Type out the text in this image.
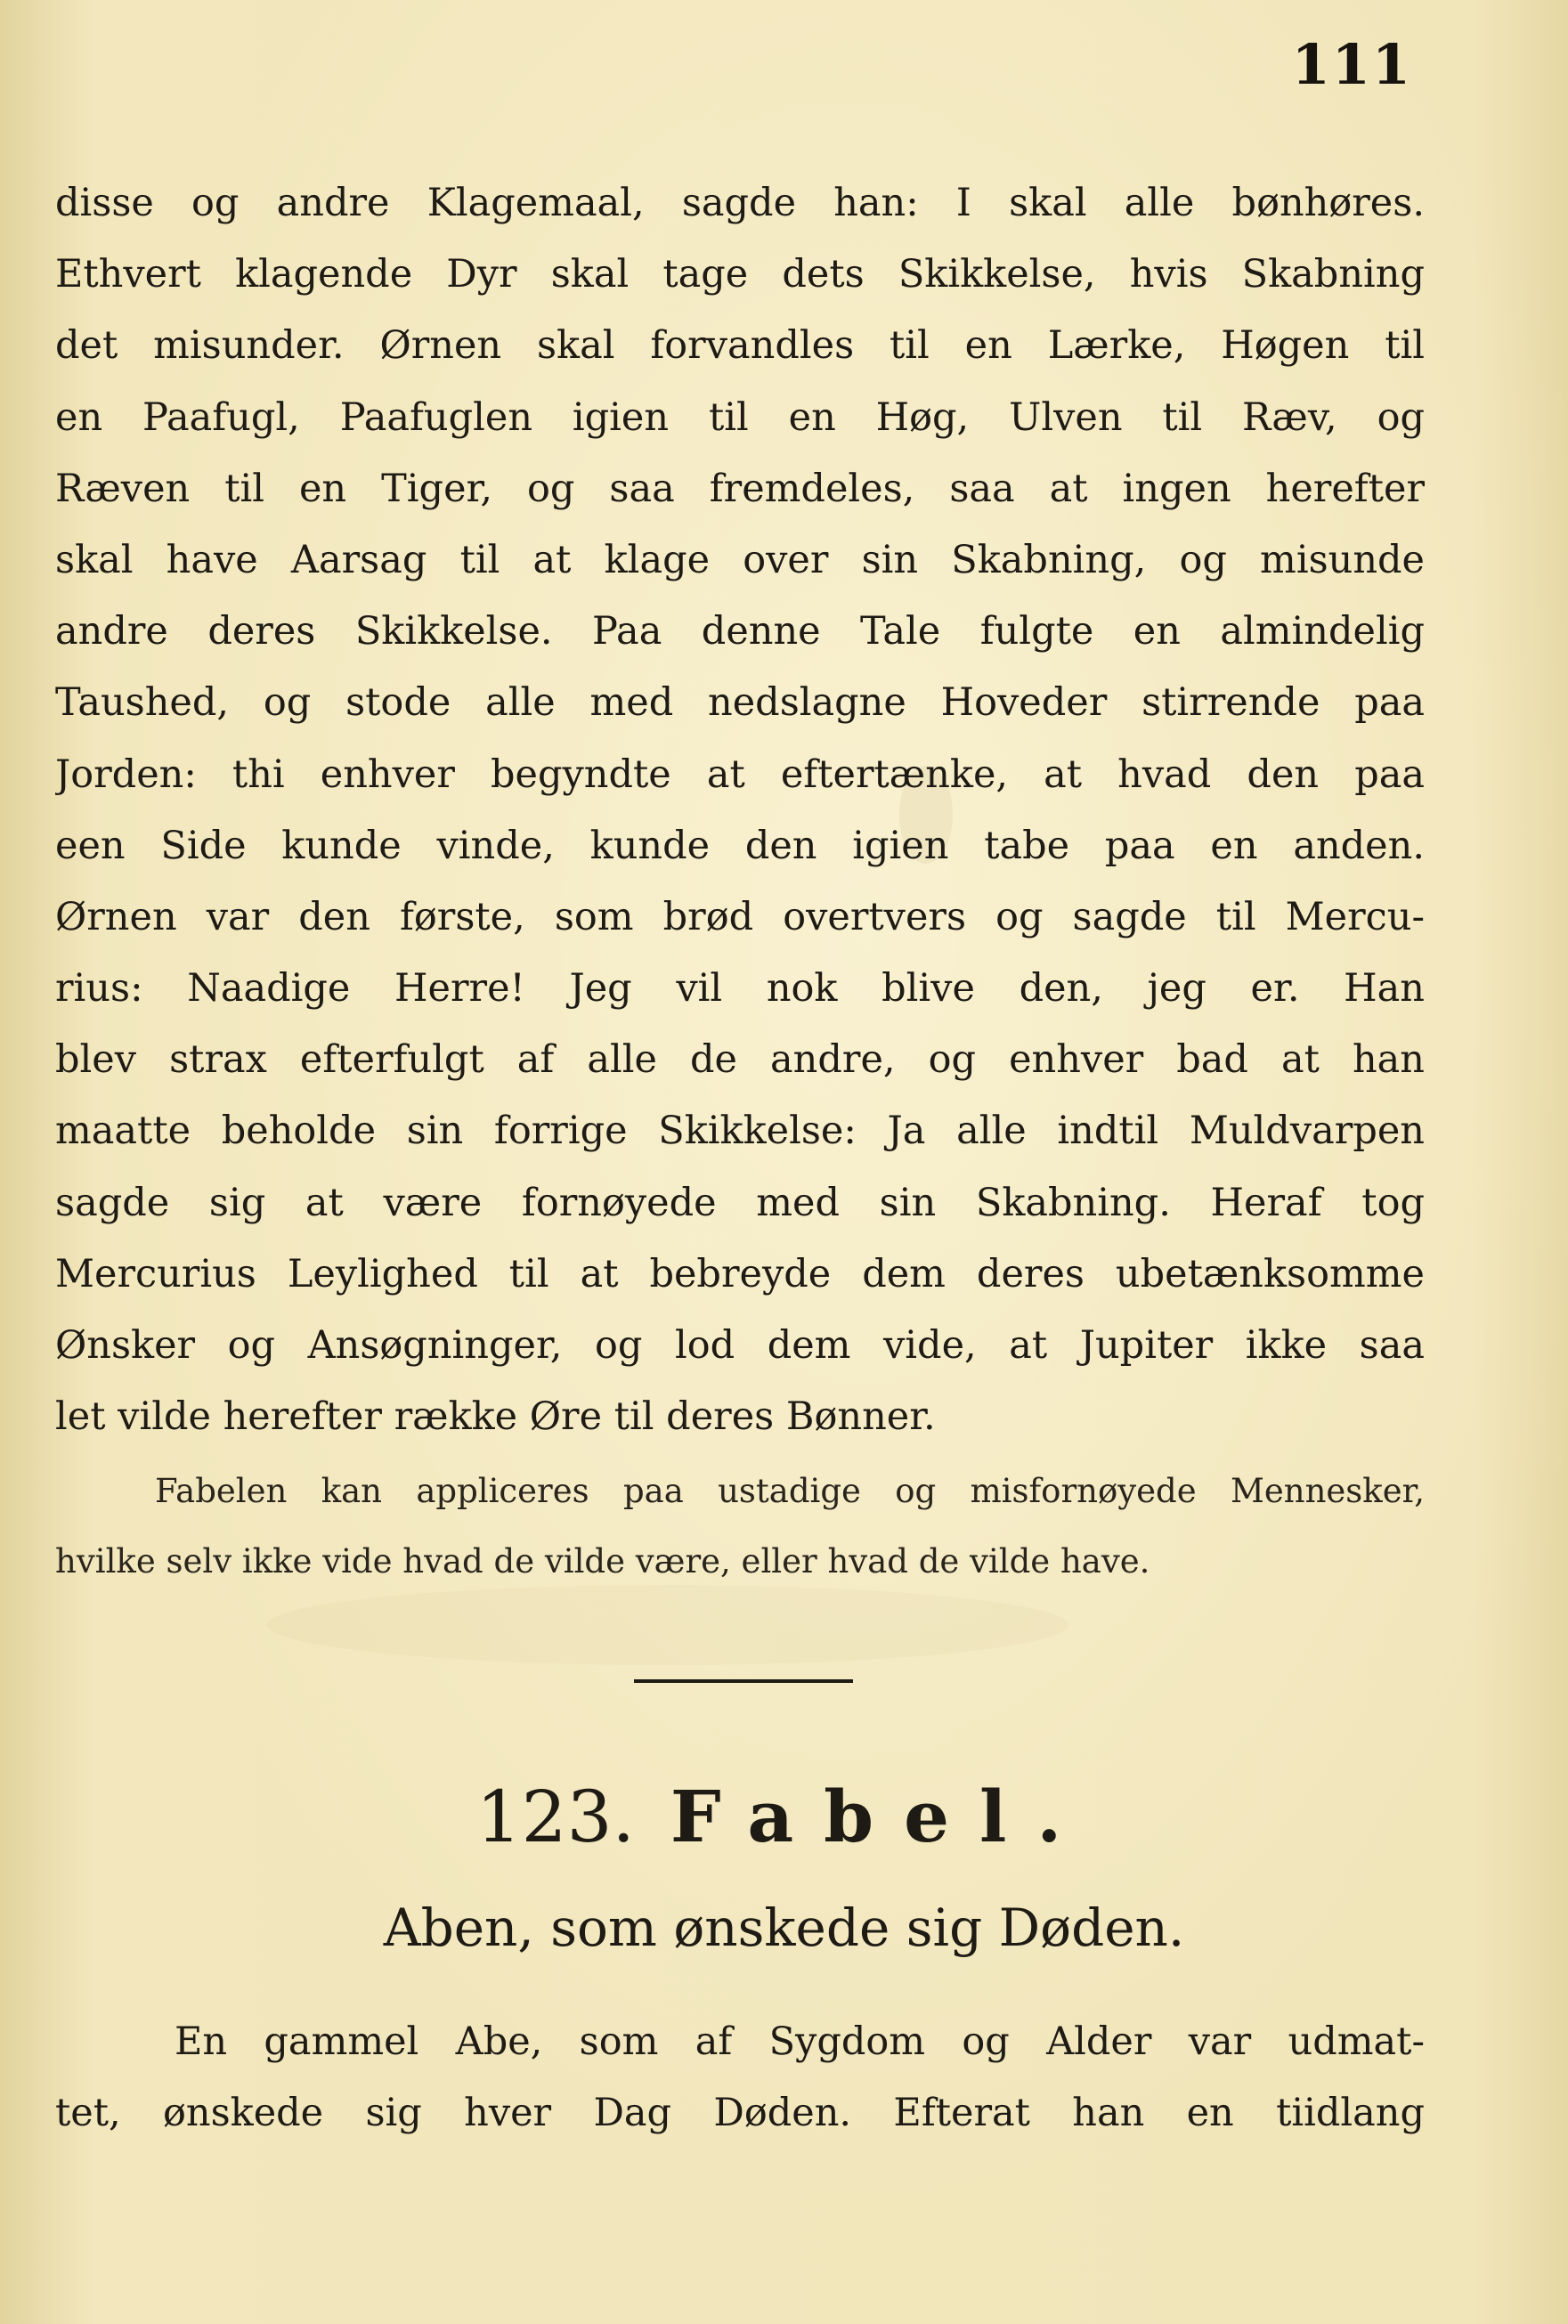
111
disse og andre Klagemaal, sagde han: I skal alle bønhøres.
Ethvert klagende Dyr skal tage dets Skikkelse, hvis Skabning
det misunder. Ørnen skal forvandles til en Lærke, Høgen til
en Paafugl, Paafuglen igien til en Høg, Ulven til Ræv, og
Ræven til en Tiger, og saa fremdeles, saa at ingen herefter
skal have Aarsag til at klage over sin Skabning, og misunde
andre deres Skikkelse. Paa denne Tale fulgte en almindelig
Taushed, og stode alle med nedslagne Hoveder stirrende paa
Jorden: thi enhver begyndte at eftertænke, at hvad den paa
een Side kunde vinde, kunde den igien tabe paa en anden.
Ørnen var den første, som brød overtvers og sagde til Mercu-
rius: Naadige Herre! Jeg vil nok blive den, jeg er. Han
blev strax efterfulgt af alle de andre, og enhver bad at han
maatte beholde sin forrige Skikkelse: Ja alle indtil Muldvarpen
sagde sig at være fornøyede med sin Skabning. Heraf tog
Mercurius Leylighed til at bebreyde dem deres ubetænksomme
Ønsker og Ansøgninger, og lod dem vide, at Jupiter ikke saa
let vilde herefter række Øre til deres Bønner.
Fabelen kan appliceres paa ustadige og misfornøyede Mennesker,
hvilke selv ikke vide hvad de vilde være, eller hvad de vilde have.
123. Fabel.
Aben, som ønskede sig Døden.
En gammel Abe, som af Sygdom og Alder var udmat-
tet, ønskede sig hver Dag Døden. Efterat han en tiidlang
